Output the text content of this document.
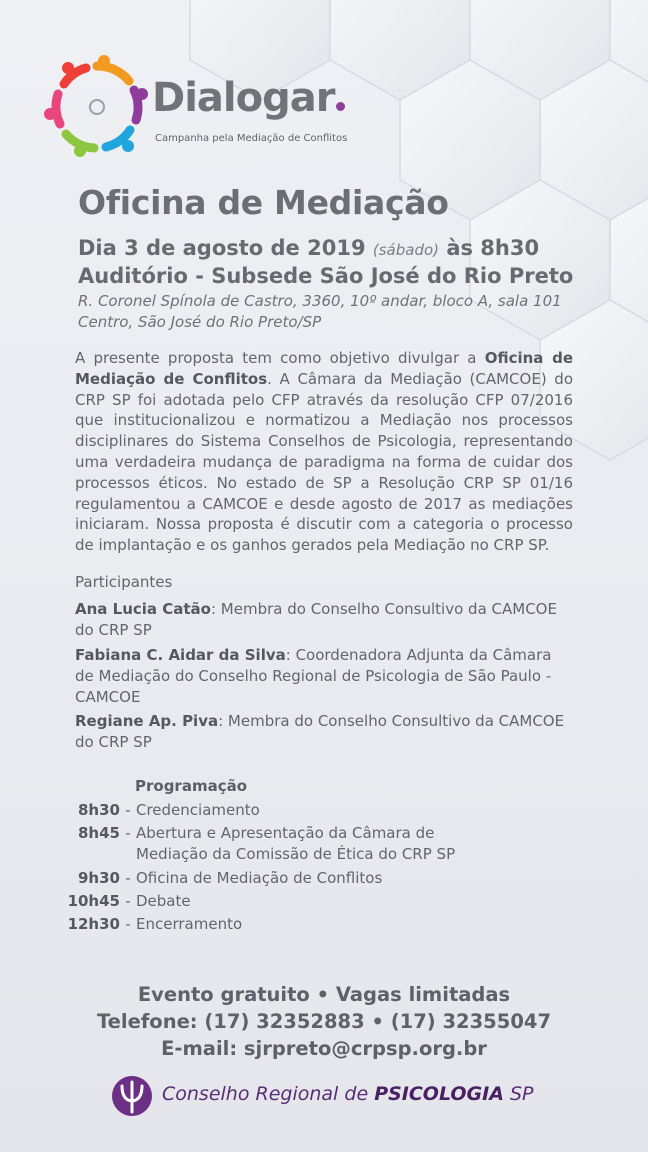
Dialogar
Campanha pela Mediação de Conflitos
Oficina de Mediação
Dia 3 de agosto de 2019 (sábado) às 8h30
Auditório - Subsede São José do Rio Preto
R. Coronel Spínola de Castro, 3360, 10º andar, bloco A, sala 101
Centro, São José do Rio Preto/SP
A presente proposta tem como objetivo divulgar a Oficina de Mediação de Conflitos. A Câmara da Mediação (CAMCOE) do CRP SP foi adotada pelo CFP através da resolução CFP 07/2016 que institucionalizou e normatizou a Mediação nos processos disciplinares do Sistema Conselhos de Psicologia, representando uma verdadeira mudança de paradigma na forma de cuidar dos processos éticos. No estado de SP a Resolução CRP SP 01/16 regulamentou a CAMCOE e desde agosto de 2017 as mediações iniciaram. Nossa proposta é discutir com a categoria o processo de implantação e os ganhos gerados pela Mediação no CRP SP.
Participantes
Ana Lucia Catão: Membra do Conselho Consultivo da CAMCOE do CRP SP
Fabiana C. Aidar da Silva: Coordenadora Adjunta da Câmara de Mediação do Conselho Regional de Psicologia de São Paulo - CAMCOE
Regiane Ap. Piva: Membra do Conselho Consultivo da CAMCOE do CRP SP
Programação
8h30 - Credenciamento
8h45 - Abertura e Apresentação da Câmara de Mediação da Comissão de Ética do CRP SP
9h30 - Oficina de Mediação de Conflitos
10h45 - Debate
12h30 - Encerramento
Evento gratuito • Vagas limitadas
Telefone: (17) 32352883 • (17) 32355047
E-mail: sjrpreto@crpsp.org.br
Conselho Regional de PSICOLOGIA SP
